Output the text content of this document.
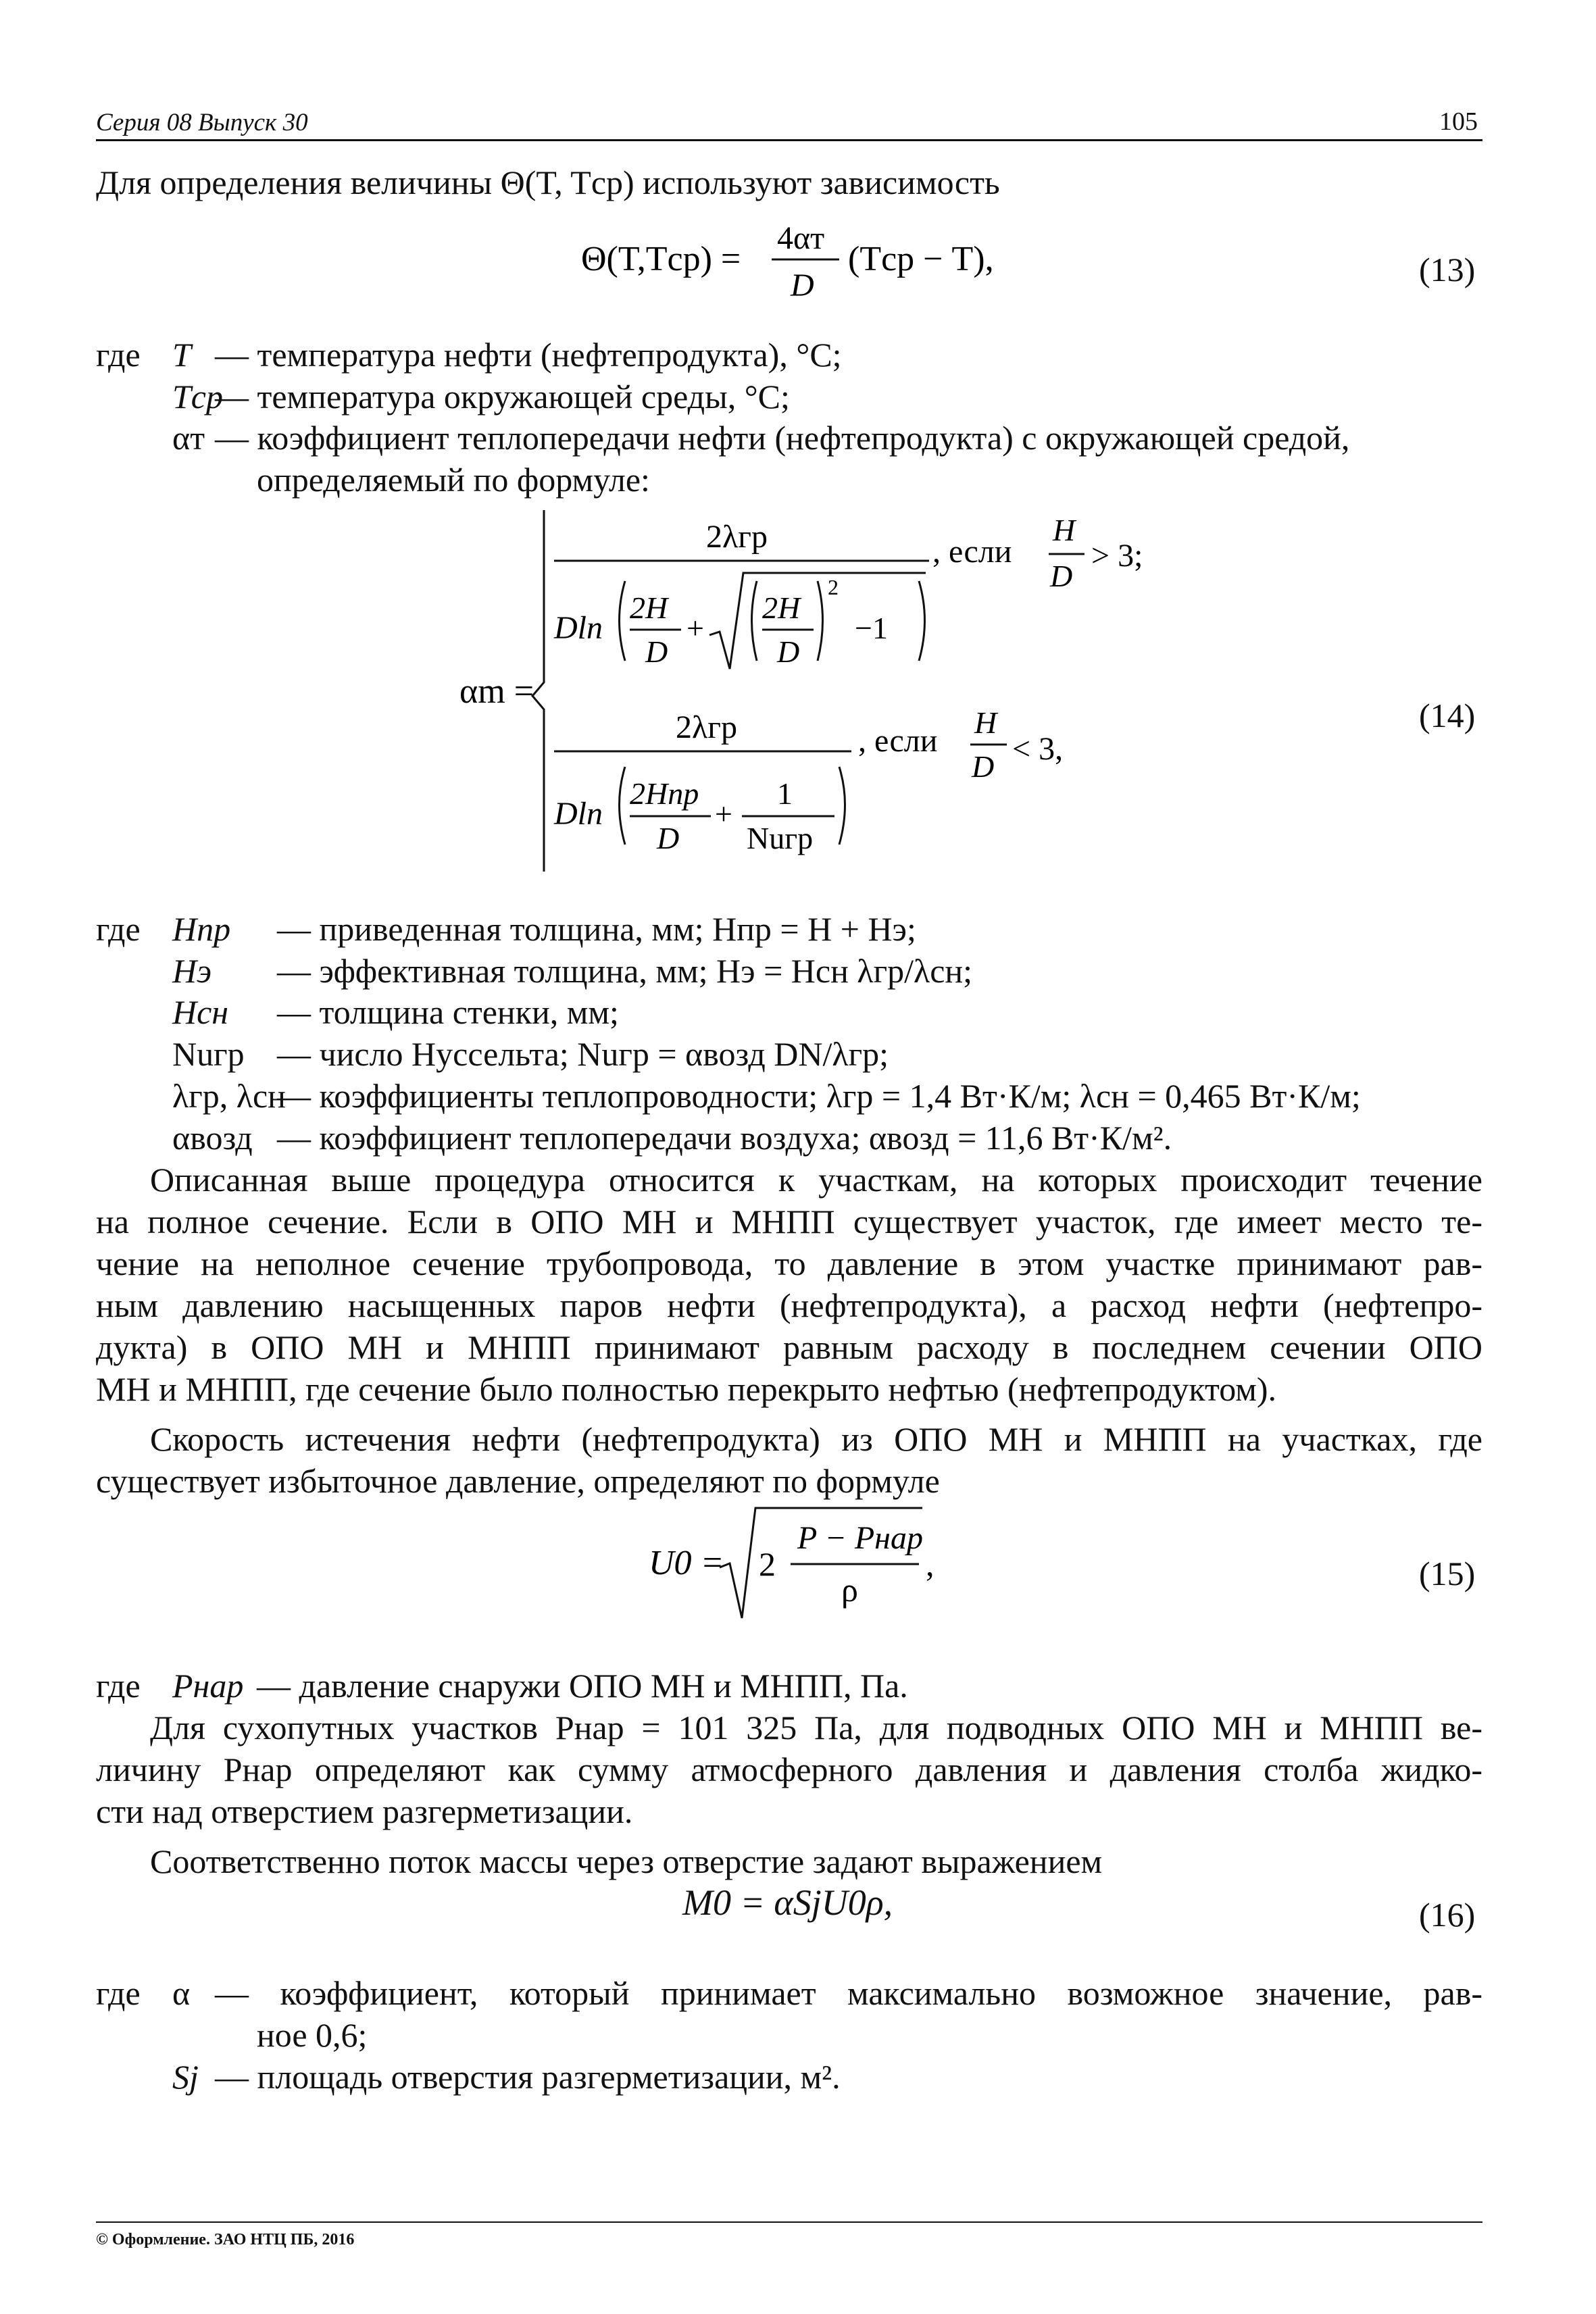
Серия 08 Выпуск 30	105
Для определения величины Θ(T, Tср) используют зависимость
Θ(T,Tср) =
4αт
D
(Tср − T),	(13)
где T — температура нефти (нефтепродукта), °С;
Tср
— температура окружающей среды, °С;
αт — коэффициент теплопередачи нефти (нефтепродукта) с окружающей средой,
определяемый по формуле:
αm =
2λгр
Dln
2H
D
+
2H
D
2
−1
, если
H
D
> 3;
2λгр
Dln
2Hпр
D
+
1
Nuгр
, если
H
D < 3,
(14)
где Hпр — приведенная толщина, мм; Hпр = H + Hэ;
Hэ — эффективная толщина, мм; Hэ = Hсн λгр/λсн;
Hсн — толщина стенки, мм;
Nuгр — число Нуссельта; Nuгр = αвозд DN/λгр;
λгр, λсн
— коэффициенты теплопроводности; λгр = 1,4 Вт·К/м; λсн = 0,465 Вт·К/м;
αвозд — коэффициент теплопередачи воздуха; αвозд = 11,6 Вт·К/м².
Описанная выше процедура относится к участкам, на которых происходит течение
на полное сечение. Если в ОПО МН и МНПП существует участок, где имеет место те-
чение на неполное сечение трубопровода, то давление в этом участке принимают рав-
ным давлению насыщенных паров нефти (нефтепродукта), а расход нефти (нефтепро-
дукта) в ОПО МН и МНПП принимают равным расходу в последнем сечении ОПО
МН и МНПП, где сечение было полностью перекрыто нефтью (нефтепродуктом).
Скорость истечения нефти (нефтепродукта) из ОПО МН и МНПП на участках, где
существует избыточное давление, определяют по формуле
U0 = 2
P − Pнар
ρ
,	(15)
где Pнар — давление снаружи ОПО МН и МНПП, Па.
Для сухопутных участков Pнар = 101 325 Па, для подводных ОПО МН и МНПП ве-
личину Pнар определяют как сумму атмосферного давления и давления столба жидко-
сти над отверстием разгерметизации.
Соответственно поток массы через отверстие задают выражением
M0 = αSjU0ρ,	(16)
где α — коэффициент, который принимает максимально возможное значение, рав-
ное 0,6;
Sj — площадь отверстия разгерметизации, м².
© Оформление. ЗАО НТЦ ПБ, 2016
